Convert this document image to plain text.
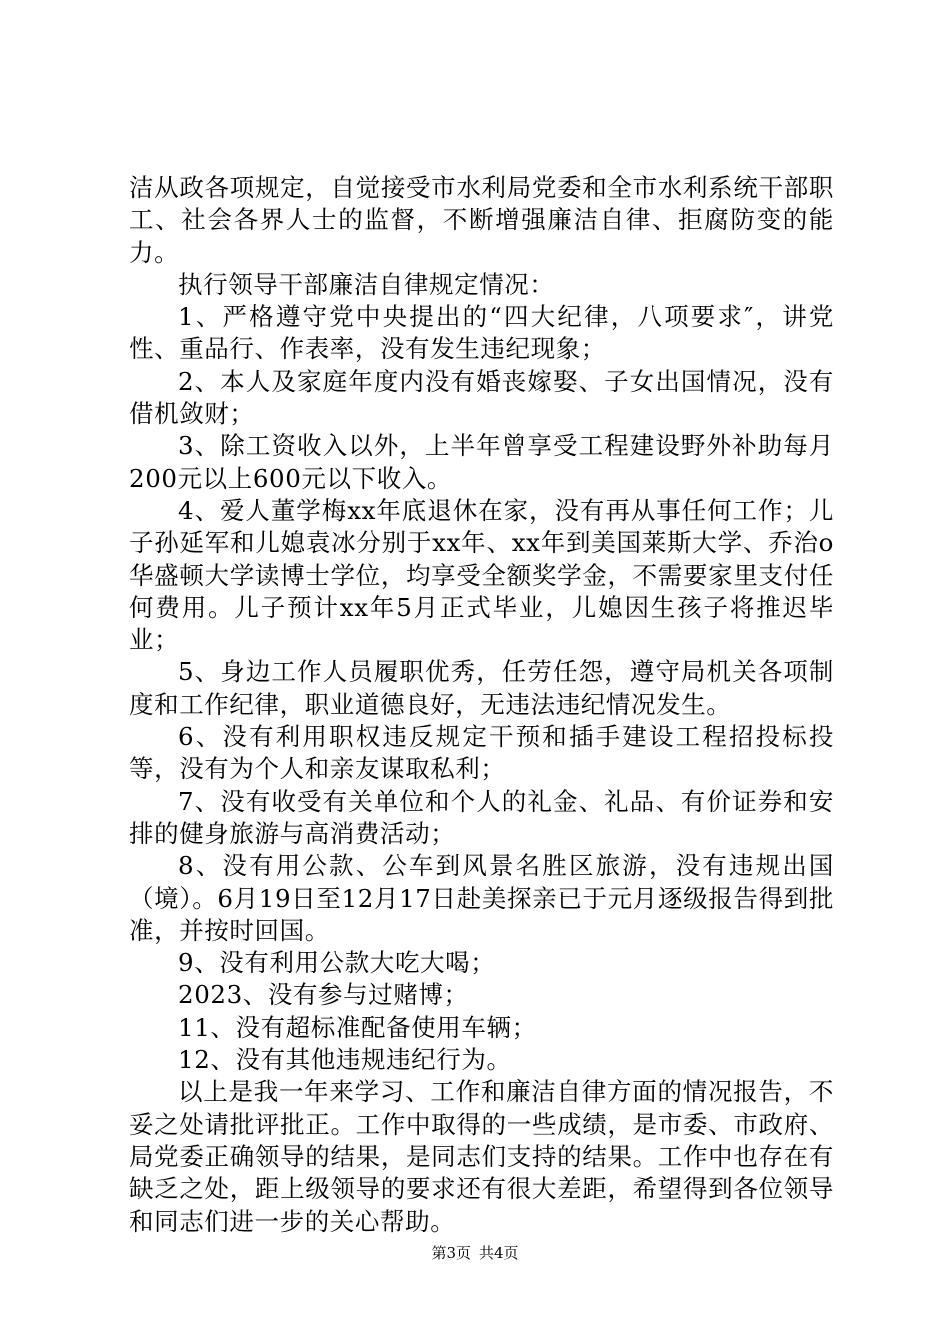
洁从政各项规定，自觉接受市水利局党委和全市水利系统干部职工、社会各界人士的监督，不断增强廉洁自律、拒腐防变的能力。

执行领导干部廉洁自律规定情况：

1、严格遵守党中央提出的“四大纪律，八项要求″，讲党性、重品行、作表率，没有发生违纪现象；

2、本人及家庭年度内没有婚丧嫁娶、子女出国情况，没有借机敛财；

3、除工资收入以外，上半年曾享受工程建设野外补助每月200元以上600元以下收入。

4、爱人董学梅xx年底退休在家，没有再从事任何工作；儿子孙延军和儿媳袁冰分别于xx年、xx年到美国莱斯大学、乔治o华盛顿大学读博士学位，均享受全额奖学金，不需要家里支付任何费用。儿子预计xx年5月正式毕业，儿媳因生孩子将推迟毕业；

5、身边工作人员履职优秀，任劳任怨，遵守局机关各项制度和工作纪律，职业道德良好，无违法违纪情况发生。

6、没有利用职权违反规定干预和插手建设工程招投标投等，没有为个人和亲友谋取私利；

7、没有收受有关单位和个人的礼金、礼品、有价证券和安排的健身旅游与高消费活动；

8、没有用公款、公车到风景名胜区旅游，没有违规出国（境）。6月19日至12月17日赴美探亲已于元月逐级报告得到批准，并按时回国。

9、没有利用公款大吃大喝；

2023、没有参与过赌博；

11、没有超标准配备使用车辆；

12、没有其他违规违纪行为。

以上是我一年来学习、工作和廉洁自律方面的情况报告，不妥之处请批评批正。工作中取得的一些成绩，是市委、市政府、局党委正确领导的结果，是同志们支持的结果。工作中也存在有缺乏之处，距上级领导的要求还有很大差距，希望得到各位领导和同志们进一步的关心帮助。

第3页 共4页
